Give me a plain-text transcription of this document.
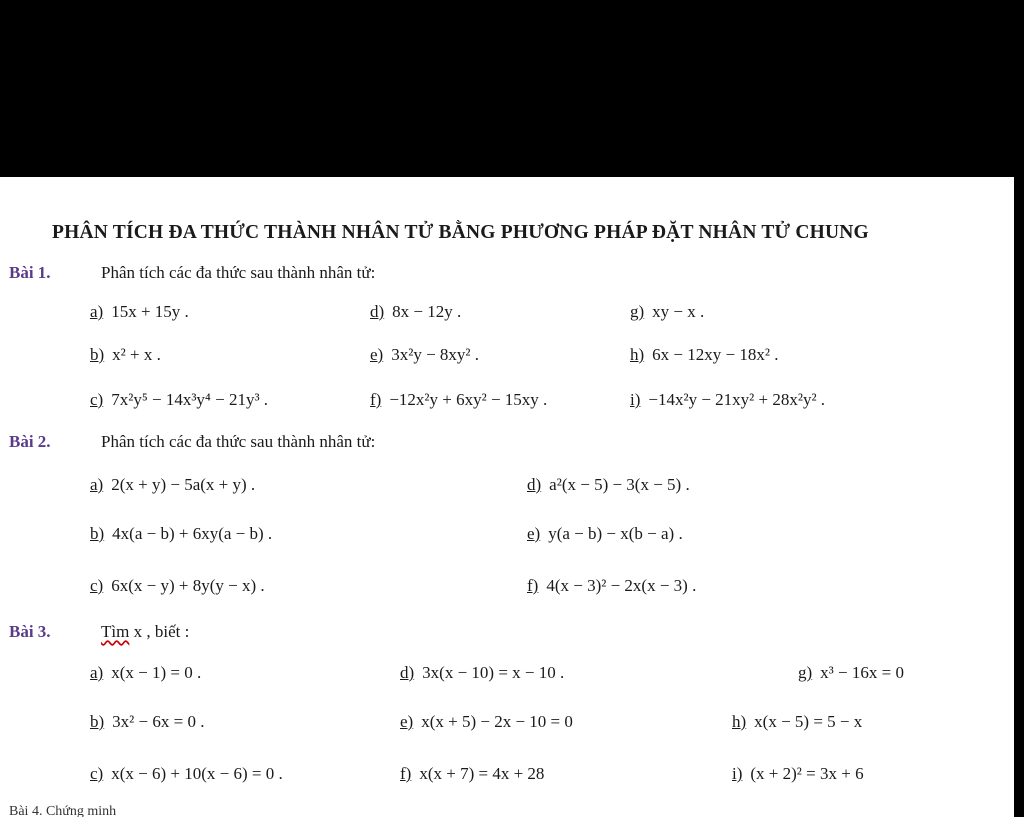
PHÂN TÍCH ĐA THỨC THÀNH NHÂN TỬ BẰNG PHƯƠNG PHÁP ĐẶT NHÂN TỬ CHUNG
Bài 1.	Phân tích các đa thức sau thành nhân tử:
a) 15x + 15y .	d) 8x − 12y .	g) xy − x .
b) x² + x .	e) 3x²y − 8xy² .	h) 6x − 12xy − 18x² .
c) 7x²y⁵ − 14x³y⁴ − 21y³ .	f) −12x²y + 6xy² − 15xy .	i) −14x²y − 21xy² + 28x²y² .
Bài 2.	Phân tích các đa thức sau thành nhân tử:
a) 2(x + y) − 5a(x + y) .	d) a²(x − 5) − 3(x − 5) .
b) 4x(a − b) + 6xy(a − b) .	e) y(a − b) − x(b − a) .
c) 6x(x − y) + 8y(y − x) .	f) 4(x − 3)² − 2x(x − 3) .
Bài 3.	Tìm x , biết :
a) x(x − 1) = 0 .	d) 3x(x − 10) = x − 10 .	g) x³ − 16x = 0
b) 3x² − 6x = 0 .	e) x(x + 5) − 2x − 10 = 0	h) x(x − 5) = 5 − x
c) x(x − 6) + 10(x − 6) = 0 .	f) x(x + 7) = 4x + 28	i) (x + 2)² = 3x + 6
Bài 4. Chứng minh
